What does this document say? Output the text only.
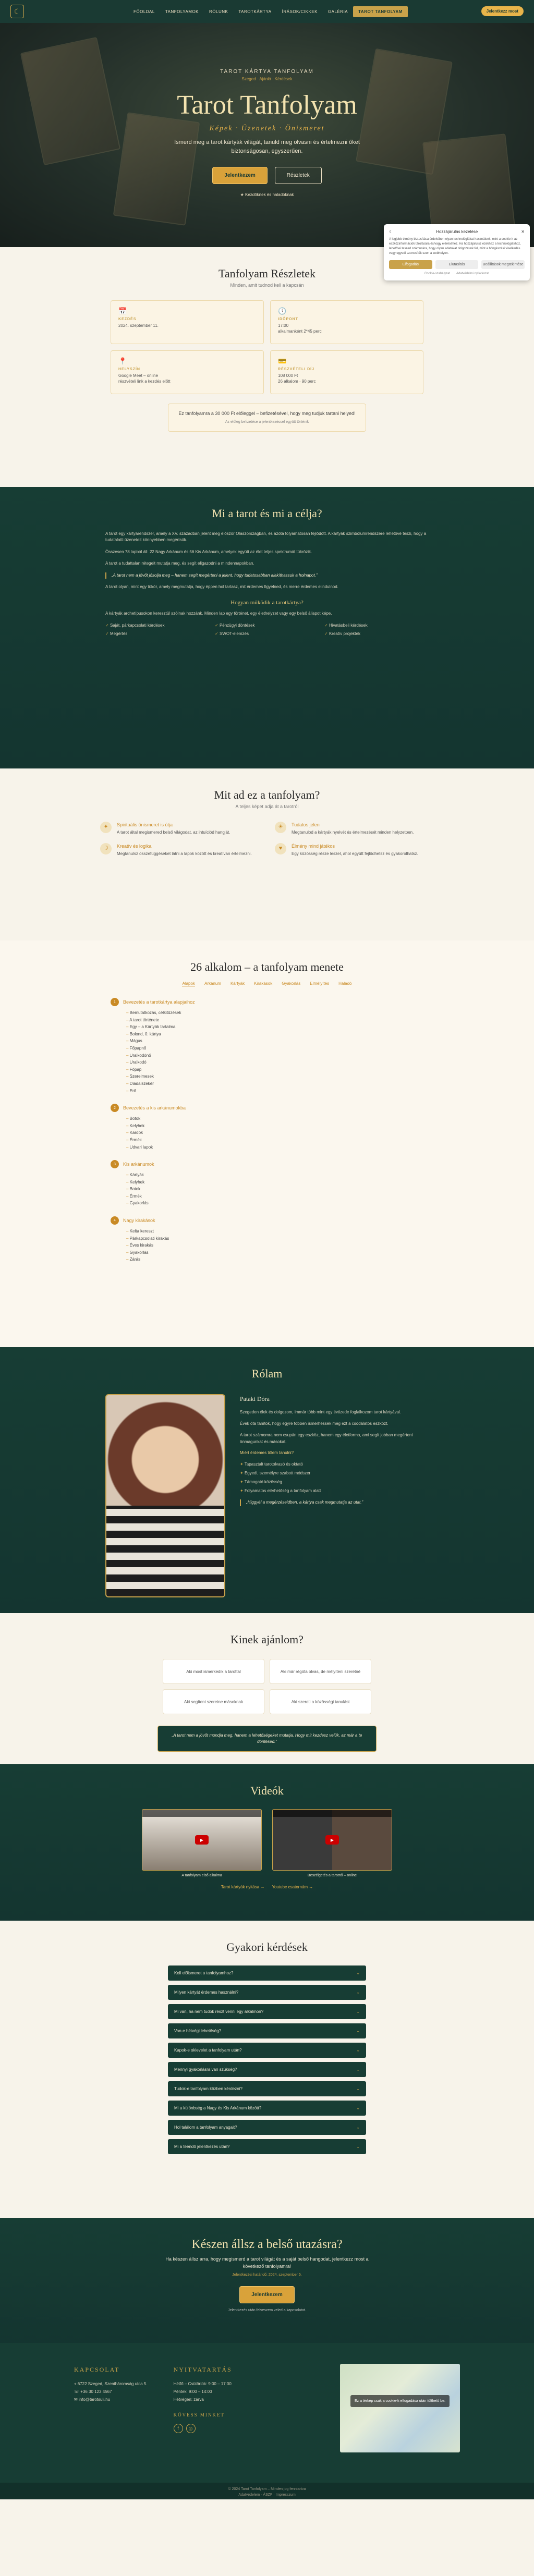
☾	FŐOLDAL	TANFOLYAMOK	RÓLUNK	TAROTKÁRTYA	ÍRÁSOK/CIKKEK	GALÉRIA	TAROT TANFOLYAM	Jelentkezz most
TAROT KÁRTYA TANFOLYAM
Szeged · Ajánló · Kérdések
Tarot Tanfolyam
Képek · Üzenetek · Önismeret
Ismerd meg a tarot kártyák világát, tanuld meg olvasni és értelmezni őket biztonságosan, egyszerűen.
Jelentkezem	Részletek
★ Kezdőknek és haladóknak
☾	Hozzájárulás kezelése	✕

A legjobb élmény biztosítása érdekében olyan technológiákat használunk, mint a cookie-k az eszközinformációk tárolására és/vagy eléréséhez. Ha hozzájárulsz ezekhez a technológiákhoz, lehetővé teszed számunkra, hogy olyan adatokat dolgozzunk fel, mint a böngészési viselkedés vagy egyedi azonosítók ezen a webhelyen.

Elfogadás	Elutasítás	Beállítások megtekintése
Cookie-szabályzat Adatvédelmi nyilatkozat
Tanfolyam Részletek
Minden, amit tudnod kell a kapcsán
📅
KEZDÉS
2024. szeptember 11.
🕔
IDŐPONT
17:00
alkalmanként 2*45 perc
📍
HELYSZÍN
Google Meet – online
részvételi link a kezdés előtt
💳
RÉSZVÉTELI DÍJ
108 000 Ft
26 alkalom · 90 perc
Ez tanfolyamra a 30 000 Ft előleggel – befizetésével, hogy meg tudjuk tartani helyed!
Az előleg befizetése a jelentkezéssel együtt történik
Mi a tarot és mi a célja?

A tarot egy kártyarendszer, amely a XV. században jelent meg először Olaszországban, és azóta folyamatosan fejlődött. A kártyák szimbólumrendszere lehetővé teszi, hogy a tudatalatti üzeneteit könnyebben megértsük.

Összesen 78 lapból áll: 22 Nagy Arkánum és 56 Kis Arkánum, amelyek együtt az élet teljes spektrumát tükrözik.

A tarot a tudattalan rétegeit mutatja meg, és segít eligazodni a mindennapokban.

„A tarot nem a jövőt jósolja meg – hanem segít megérteni a jelent, hogy tudatosabban alakíthassuk a holnapot.”

A tarot olyan, mint egy tükör, amely megmutatja, hogy éppen hol tartasz, mit érdemes figyelned, és merre érdemes elindulnod.

Hogyan működik a tarotkártya?

A kártyák archetípusokon keresztül szólnak hozzánk. Minden lap egy történet, egy élethelyzet vagy egy belső állapot képe.

✓ Saját, párkapcsolati kérdések	✓ Pénzügyi döntések	✓ Hivatásbeli kérdések
✓ Megértés	✓ SWOT-elemzés	✓ Kreatív projektek
Mit ad ez a tanfolyam?
A teljes képet adja át a tarotról
✦	Spirituális önismeret is útja
A tarot által megismered belső világodat, az intuíciód hangját.
☀	Tudatos jelen
Megtanulod a kártyák nyelvét és értelmezését minden helyzetben.
☽	Kreatív és logika
Megtanulsz összefüggéseket látni a lapok között és kreatívan értelmezni.
♥	Élmény mind játékos
Egy közösség része leszel, ahol együtt fejlődhetsz és gyakorolhatsz.
26 alkalom – a tanfolyam menete
Alapok Arkánum Kártyák Kirakások Gyakorlás Elmélyítés Haladó
1	Bevezetés a tarotkártya alapjaihoz
– Bemutatkozás, célkitűzések
– A tarot története
– Egy – a Kártyák tartalma
– Bolond, 0. kártya
– Mágus
– Főpapnő
– Uralkodónő
– Uralkodó
– Főpap
– Szerelmesek
– Diadalszekér
– Erő
2	Bevezetés a kis arkánumokba
– Botok
– Kelyhek
– Kardok
– Érmék
– Udvari lapok
3	Kis arkánumok
– Kártyák
– Kelyhek
– Botok
– Érmék
– Gyakorlás
4	Nagy kirakások
– Kelta kereszt
– Párkapcsolati kirakás
– Éves kirakás
– Gyakorlás
– Zárás
Rólam
Pataki Dóra

Szegeden élek és dolgozom, immár több mint egy évtizede foglalkozom tarot kártyával.

Évek óta tanítok, hogy egyre többen ismerhessék meg ezt a csodálatos eszközt.

A tarot számomra nem csupán egy eszköz, hanem egy életforma, ami segít jobban megérteni önmagunkat és másokat.

Miért érdemes tőlem tanulni?

✦ Tapasztalt tarotolvasó és oktató
✦ Egyedi, személyre szabott módszer
✦ Támogató közösség
✦ Folyamatos elérhetőség a tanfolyam alatt

„Higgyél a megérzéseidben, a kártya csak megmutatja az utat.”

Kinek ajánlom?
Aki most ismerkedik a tarottal	Aki már régóta olvas, de mélyíteni szeretné
Aki segíteni szeretne másoknak	Aki szereti a közösségi tanulást
„A tarot nem a jövőt mondja meg, hanem a lehetőségeket mutatja. Hogy mit kezdesz velük, az már a te döntésed.”
Videók
▶
A tanfolyam első alkalma
▶
Beszélgetés a tarotról – online
Tarot kártyák nyitása → Youtube csatornám →
Gyakori kérdések
Kell előismeret a tanfolyamhoz?	⌄
Milyen kártyát érdemes használni?	⌄
Mi van, ha nem tudok részt venni egy alkalmon?	⌄
Van-e hétvégi lehetőség?	⌄
Kapok-e oklevelet a tanfolyam után?	⌄
Mennyi gyakorlásra van szükség?	⌄
Tudok-e tanfolyam közben kérdezni?	⌄
Mi a különbség a Nagy és Kis Arkánum között?	⌄
Hol találom a tanfolyam anyagait?	⌄
Mi a teendő jelentkezés után?	⌄
Készen állsz a belső utazásra?

Ha készen állsz arra, hogy megismerd a tarot világát és a saját belső hangodat, jelentkezz most a következő tanfolyamra!

Jelentkezési határidő: 2024. szeptember 5.
Jelentkezem
Jelentkezés után felveszem veled a kapcsolatot.
KAPCSOLAT
⌖ 6722 Szeged, Szentháromság utca 5.
☏ +36 30 123 4567
✉ info@tarotsuli.hu
NYITVATARTÁS
Hétfő – Csütörtök: 9:00 – 17:00
Péntek: 9:00 – 14:00
Hétvégén: zárva
KÖVESS MINKET
f	◎
Ez a térkép csak a cookie-k elfogadása után tölthető be.
© 2024 Tarot Tanfolyam – Minden jog fenntartva
Adatvédelem · ÁSZF · Impresszum
